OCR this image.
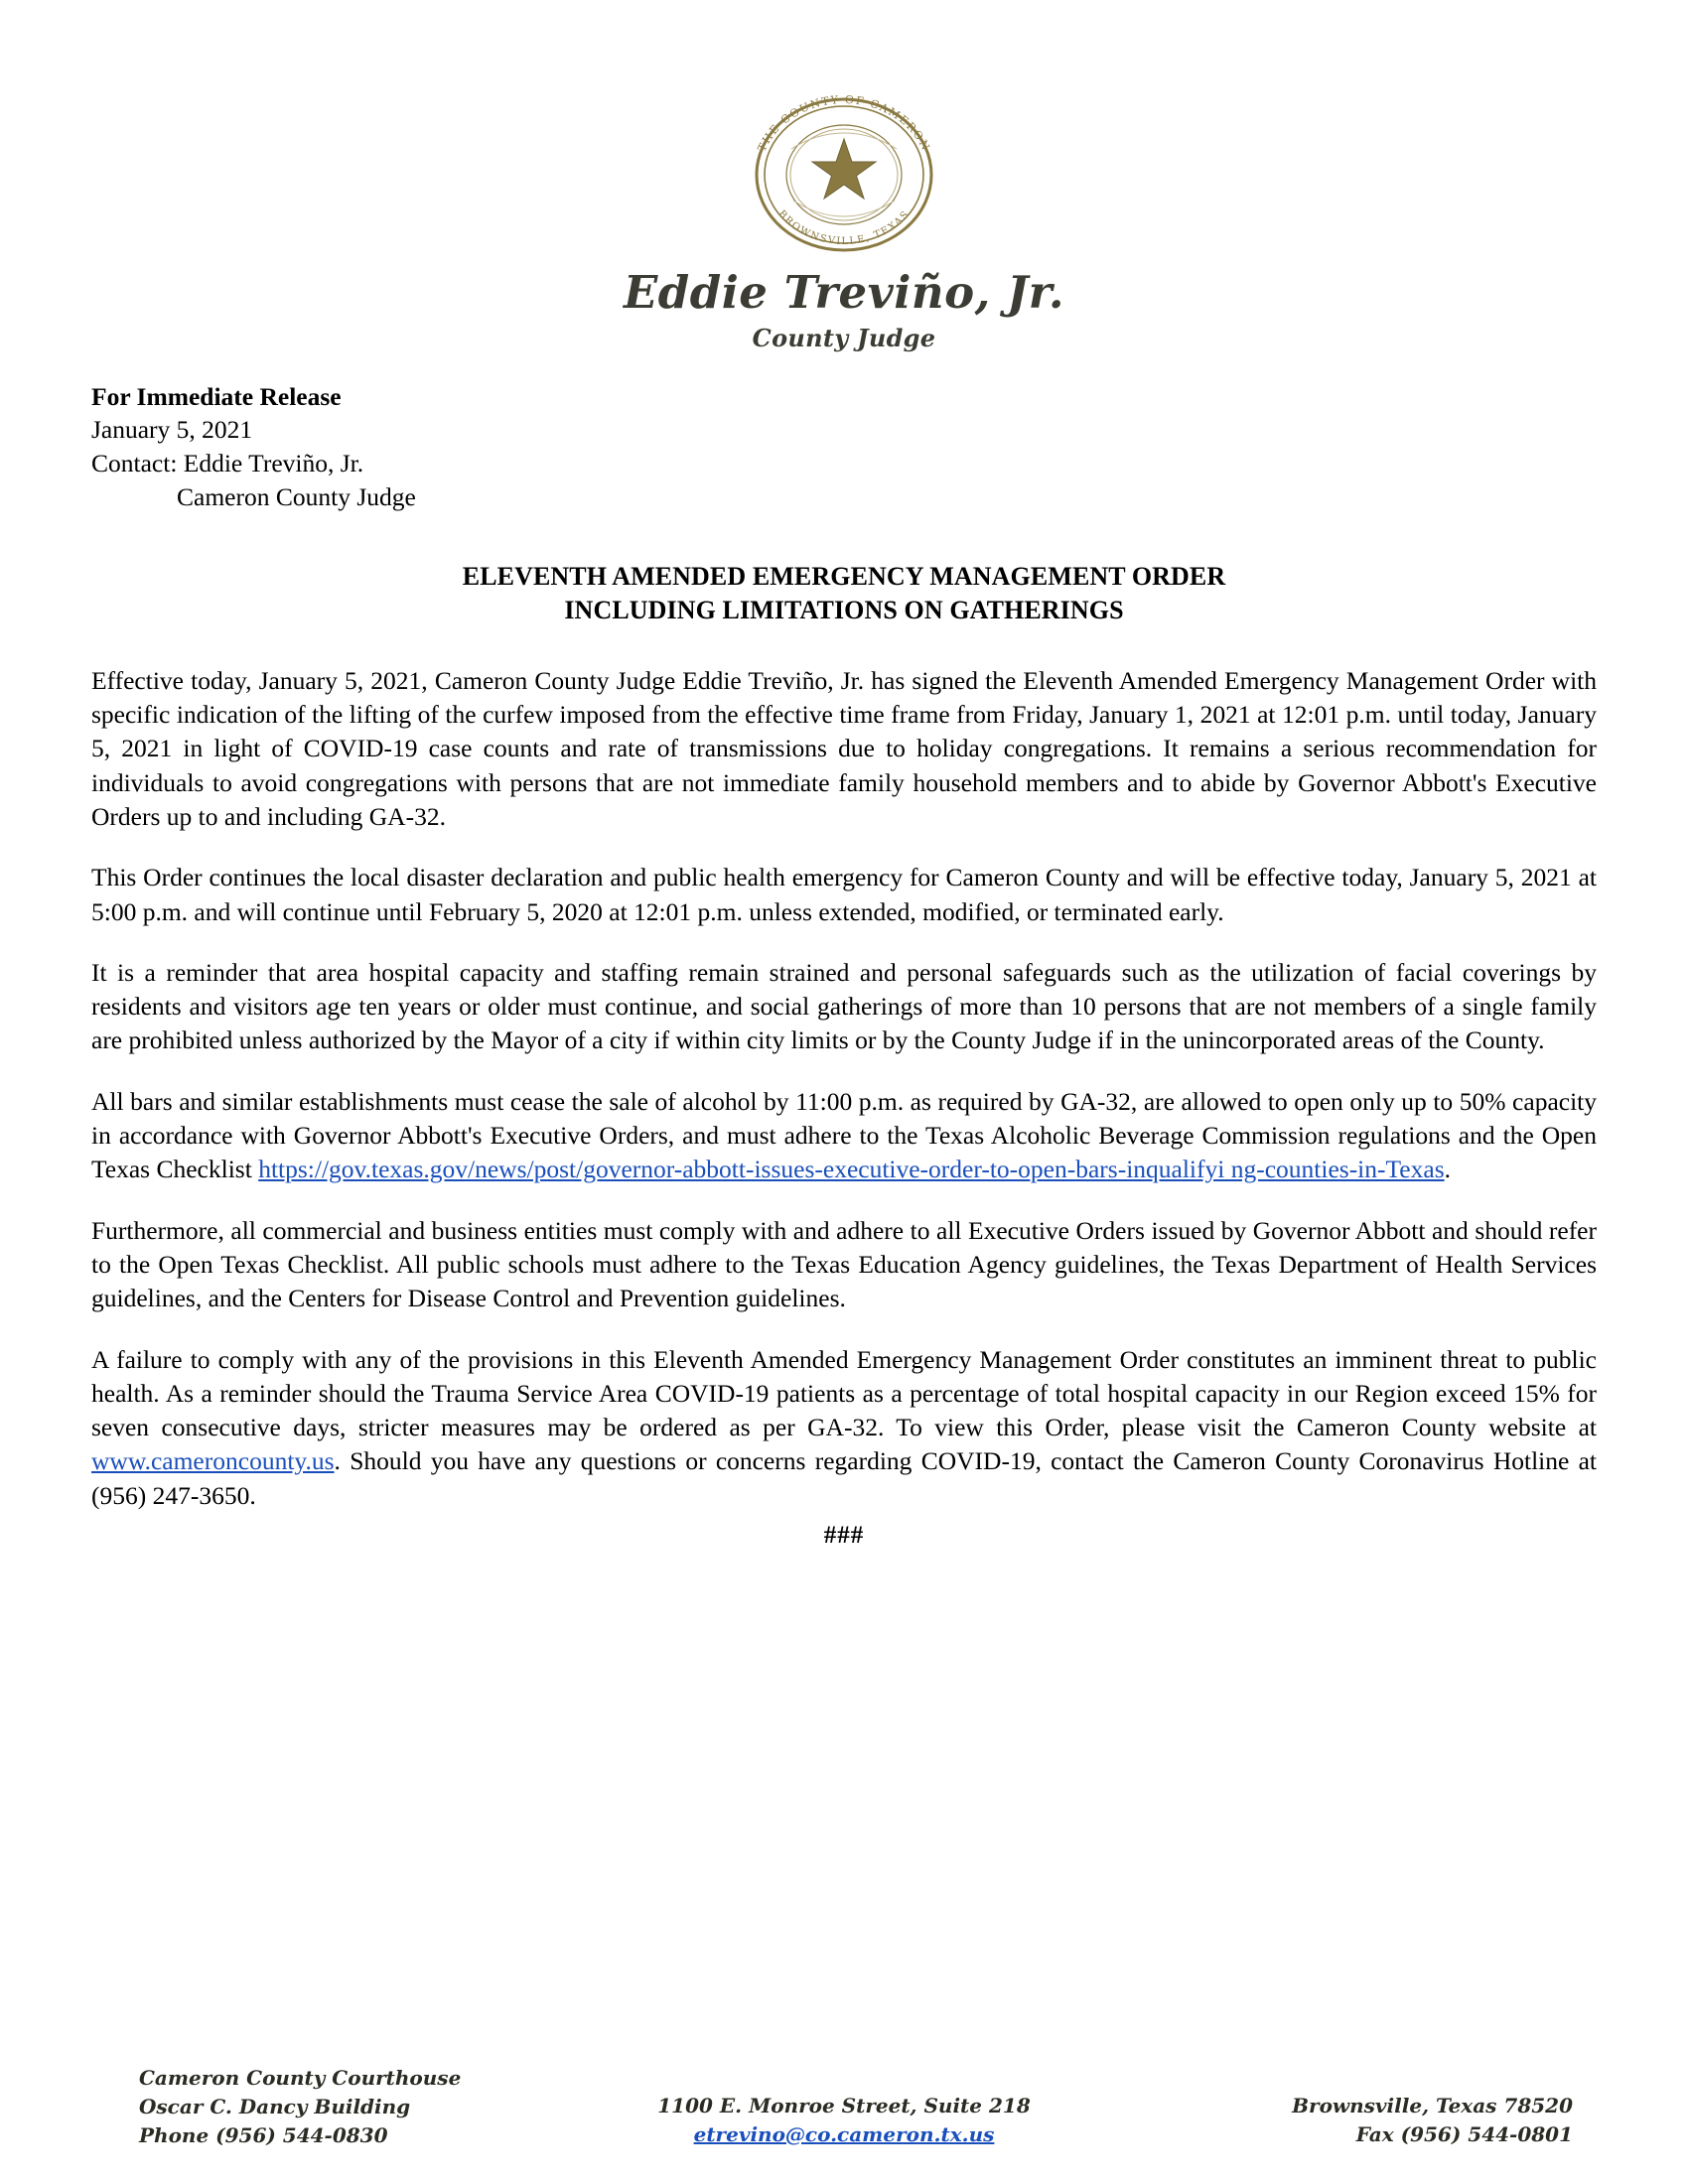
THE COUNTY OF CAMERON
BROWNSVILLE, TEXAS
Eddie Treviño, Jr.
County Judge
For Immediate Release
January 5, 2021
Contact: Eddie Treviño, Jr.
Cameron County Judge
ELEVENTH AMENDED EMERGENCY MANAGEMENT ORDER
INCLUDING LIMITATIONS ON GATHERINGS

Effective today, January 5, 2021, Cameron County Judge Eddie Treviño, Jr. has signed the Eleventh Amended Emergency Management Order with specific indication of the lifting of the curfew imposed from the effective time frame from Friday, January 1, 2021 at 12:01 p.m. until today, January 5, 2021 in light of COVID-19 case counts and rate of transmissions due to holiday congregations. It remains a serious recommendation for individuals to avoid congregations with persons that are not immediate family household members and to abide by Governor Abbott's Executive Orders up to and including GA-32.

This Order continues the local disaster declaration and public health emergency for Cameron County and will be effective today, January 5, 2021 at 5:00 p.m. and will continue until February 5, 2020 at 12:01 p.m. unless extended, modified, or terminated early.

It is a reminder that area hospital capacity and staffing remain strained and personal safeguards such as the utilization of facial coverings by residents and visitors age ten years or older must continue, and social gatherings of more than 10 persons that are not members of a single family are prohibited unless authorized by the Mayor of a city if within city limits or by the County Judge if in the unincorporated areas of the County.

All bars and similar establishments must cease the sale of alcohol by 11:00 p.m. as required by GA-32, are allowed to open only up to 50% capacity in accordance with Governor Abbott's Executive Orders, and must adhere to the Texas Alcoholic Beverage Commission regulations and the Open Texas Checklist https://gov.texas.gov/news/post/governor-abbott-issues-executive-order-to-open-bars-inqualifyi ng-counties-in-Texas.

Furthermore, all commercial and business entities must comply with and adhere to all Executive Orders issued by Governor Abbott and should refer to the Open Texas Checklist. All public schools must adhere to the Texas Education Agency guidelines, the Texas Department of Health Services guidelines, and the Centers for Disease Control and Prevention guidelines.

A failure to comply with any of the provisions in this Eleventh Amended Emergency Management Order constitutes an imminent threat to public health. As a reminder should the Trauma Service Area COVID-19 patients as a percentage of total hospital capacity in our Region exceed 15% for seven consecutive days, stricter measures may be ordered as per GA-32. To view this Order, please visit the Cameron County website at www.cameroncounty.us. Should you have any questions or concerns regarding COVID-19, contact the Cameron County Coronavirus Hotline at (956) 247-3650.

###
Cameron County Courthouse
Oscar C. Dancy Building
Phone (956) 544-0830
1100 E. Monroe Street, Suite 218
etrevino@co.cameron.tx.us
Brownsville, Texas 78520
Fax (956) 544-0801
